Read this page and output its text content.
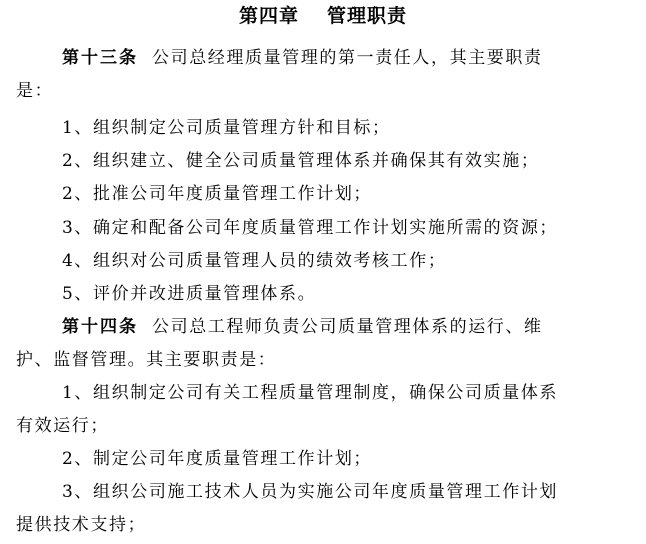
第四章 管理职责
第十三条 公司总经理质量管理的第一责任人，其主要职责
是：
1、组织制定公司质量管理方针和目标；
2、组织建立、健全公司质量管理体系并确保其有效实施；
2、批准公司年度质量管理工作计划；
3、确定和配备公司年度质量管理工作计划实施所需的资源；
4、组织对公司质量管理人员的绩效考核工作；
5、评价并改进质量管理体系。
第十四条 公司总工程师负责公司质量管理体系的运行、维
护、监督管理。其主要职责是：
1、组织制定公司有关工程质量管理制度，确保公司质量体系
有效运行；
2、制定公司年度质量管理工作计划；
3、组织公司施工技术人员为实施公司年度质量管理工作计划
提供技术支持；
